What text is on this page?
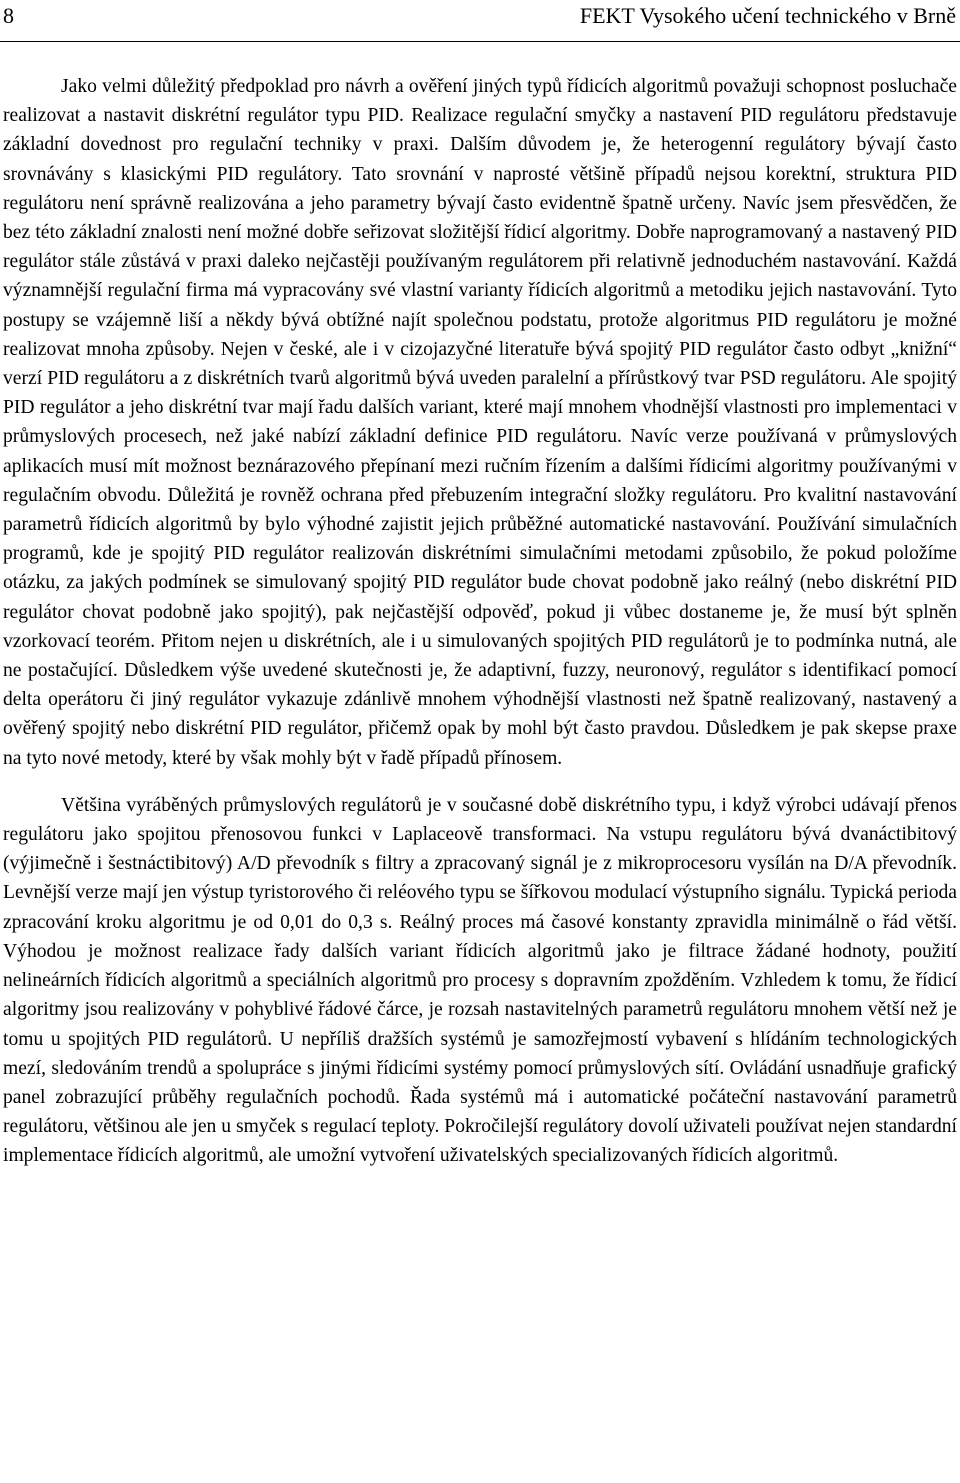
8	FEKT Vysokého učení technického v Brně

Jako velmi důležitý předpoklad pro návrh a ověření jiných typů řídicích algoritmů považuji schopnost posluchače realizovat a nastavit diskrétní regulátor typu PID. Realizace regulační smyčky a nastavení PID regulátoru představuje základní dovednost pro regulační techniky v praxi. Dalším důvodem je, že heterogenní regulátory bývají často srovnávány s klasickými PID regulátory. Tato srovnání v naprosté většině případů nejsou korektní, struktura PID regulátoru není správně realizována a jeho parametry bývají často evidentně špatně určeny. Navíc jsem přesvědčen, že bez této základní znalosti není možné dobře seřizovat složitější řídicí algoritmy. Dobře naprogramovaný a nastavený PID regulátor stále zůstává v praxi daleko nejčastěji používaným regulátorem při relativně jednoduchém nastavování. Každá významnější regulační firma má vypracovány své vlastní varianty řídicích algoritmů a metodiku jejich nastavování. Tyto postupy se vzájemně liší a někdy bývá obtížné najít společnou podstatu, protože algoritmus PID regulátoru je možné realizovat mnoha způsoby. Nejen v české, ale i v cizojazyčné literatuře bývá spojitý PID regulátor často odbyt „knižní“ verzí PID regulátoru a z diskrétních tvarů algoritmů bývá uveden paralelní a přírůstkový tvar PSD regulátoru. Ale spojitý PID regulátor a jeho diskrétní tvar mají řadu dalších variant, které mají mnohem vhodnější vlastnosti pro implementaci v průmyslových procesech, než jaké nabízí základní definice PID regulátoru. Navíc verze používaná v průmyslových aplikacích musí mít možnost beznárazového přepínaní mezi ručním řízením a dalšími řídicími algoritmy používanými v regulačním obvodu. Důležitá je rovněž ochrana před přebuzením integrační složky regulátoru. Pro kvalitní nastavování parametrů řídicích algoritmů by bylo výhodné zajistit jejich průběžné automatické nastavování. Používání simulačních programů, kde je spojitý PID regulátor realizován diskrétními simulačními metodami způsobilo, že pokud položíme otázku, za jakých podmínek se simulovaný spojitý PID regulátor bude chovat podobně jako reálný (nebo diskrétní PID regulátor chovat podobně jako spojitý), pak nejčastější odpověď, pokud ji vůbec dostaneme je, že musí být splněn vzorkovací teorém. Přitom nejen u diskrétních, ale i u simulovaných spojitých PID regulátorů je to podmínka nutná, ale ne postačující. Důsledkem výše uvedené skutečnosti je, že adaptivní, fuzzy, neuronový, regulátor s identifikací pomocí delta operátoru či jiný regulátor vykazuje zdánlivě mnohem výhodnější vlastnosti než špatně realizovaný, nastavený a ověřený spojitý nebo diskrétní PID regulátor, přičemž opak by mohl být často pravdou. Důsledkem je pak skepse praxe na tyto nové metody, které by však mohly být v řadě případů přínosem.

Většina vyráběných průmyslových regulátorů je v současné době diskrétního typu, i když výrobci udávají přenos regulátoru jako spojitou přenosovou funkci v Laplaceově transformaci. Na vstupu regulátoru bývá dvanáctibitový (výjimečně i šestnáctibitový) A/D převodník s filtry a zpracovaný signál je z mikroprocesoru vysílán na D/A převodník. Levnější verze mají jen výstup tyristorového či reléového typu se šířkovou modulací výstupního signálu. Typická perioda zpracování kroku algoritmu je od 0,01 do 0,3 s. Reálný proces má časové konstanty zpravidla minimálně o řád větší. Výhodou je možnost realizace řady dalších variant řídicích algoritmů jako je filtrace žádané hodnoty, použití nelineárních řídicích algoritmů a speciálních algoritmů pro procesy s dopravním zpožděním. Vzhledem k tomu, že řídicí algoritmy jsou realizovány v pohyblivé řádové čárce, je rozsah nastavitelných parametrů regulátoru mnohem větší než je tomu u spojitých PID regulátorů. U nepříliš dražších systémů je samozřejmostí vybavení s hlídáním technologických mezí, sledováním trendů a spolupráce s jinými řídicími systémy pomocí průmyslových sítí. Ovládání usnadňuje grafický panel zobrazující průběhy regulačních pochodů. Řada systémů má i automatické počáteční nastavování parametrů regulátoru, většinou ale jen u smyček s regulací teploty. Pokročilejší regulátory dovolí uživateli používat nejen standardní implementace řídicích algoritmů, ale umožní vytvoření uživatelských specializovaných řídicích algoritmů.
